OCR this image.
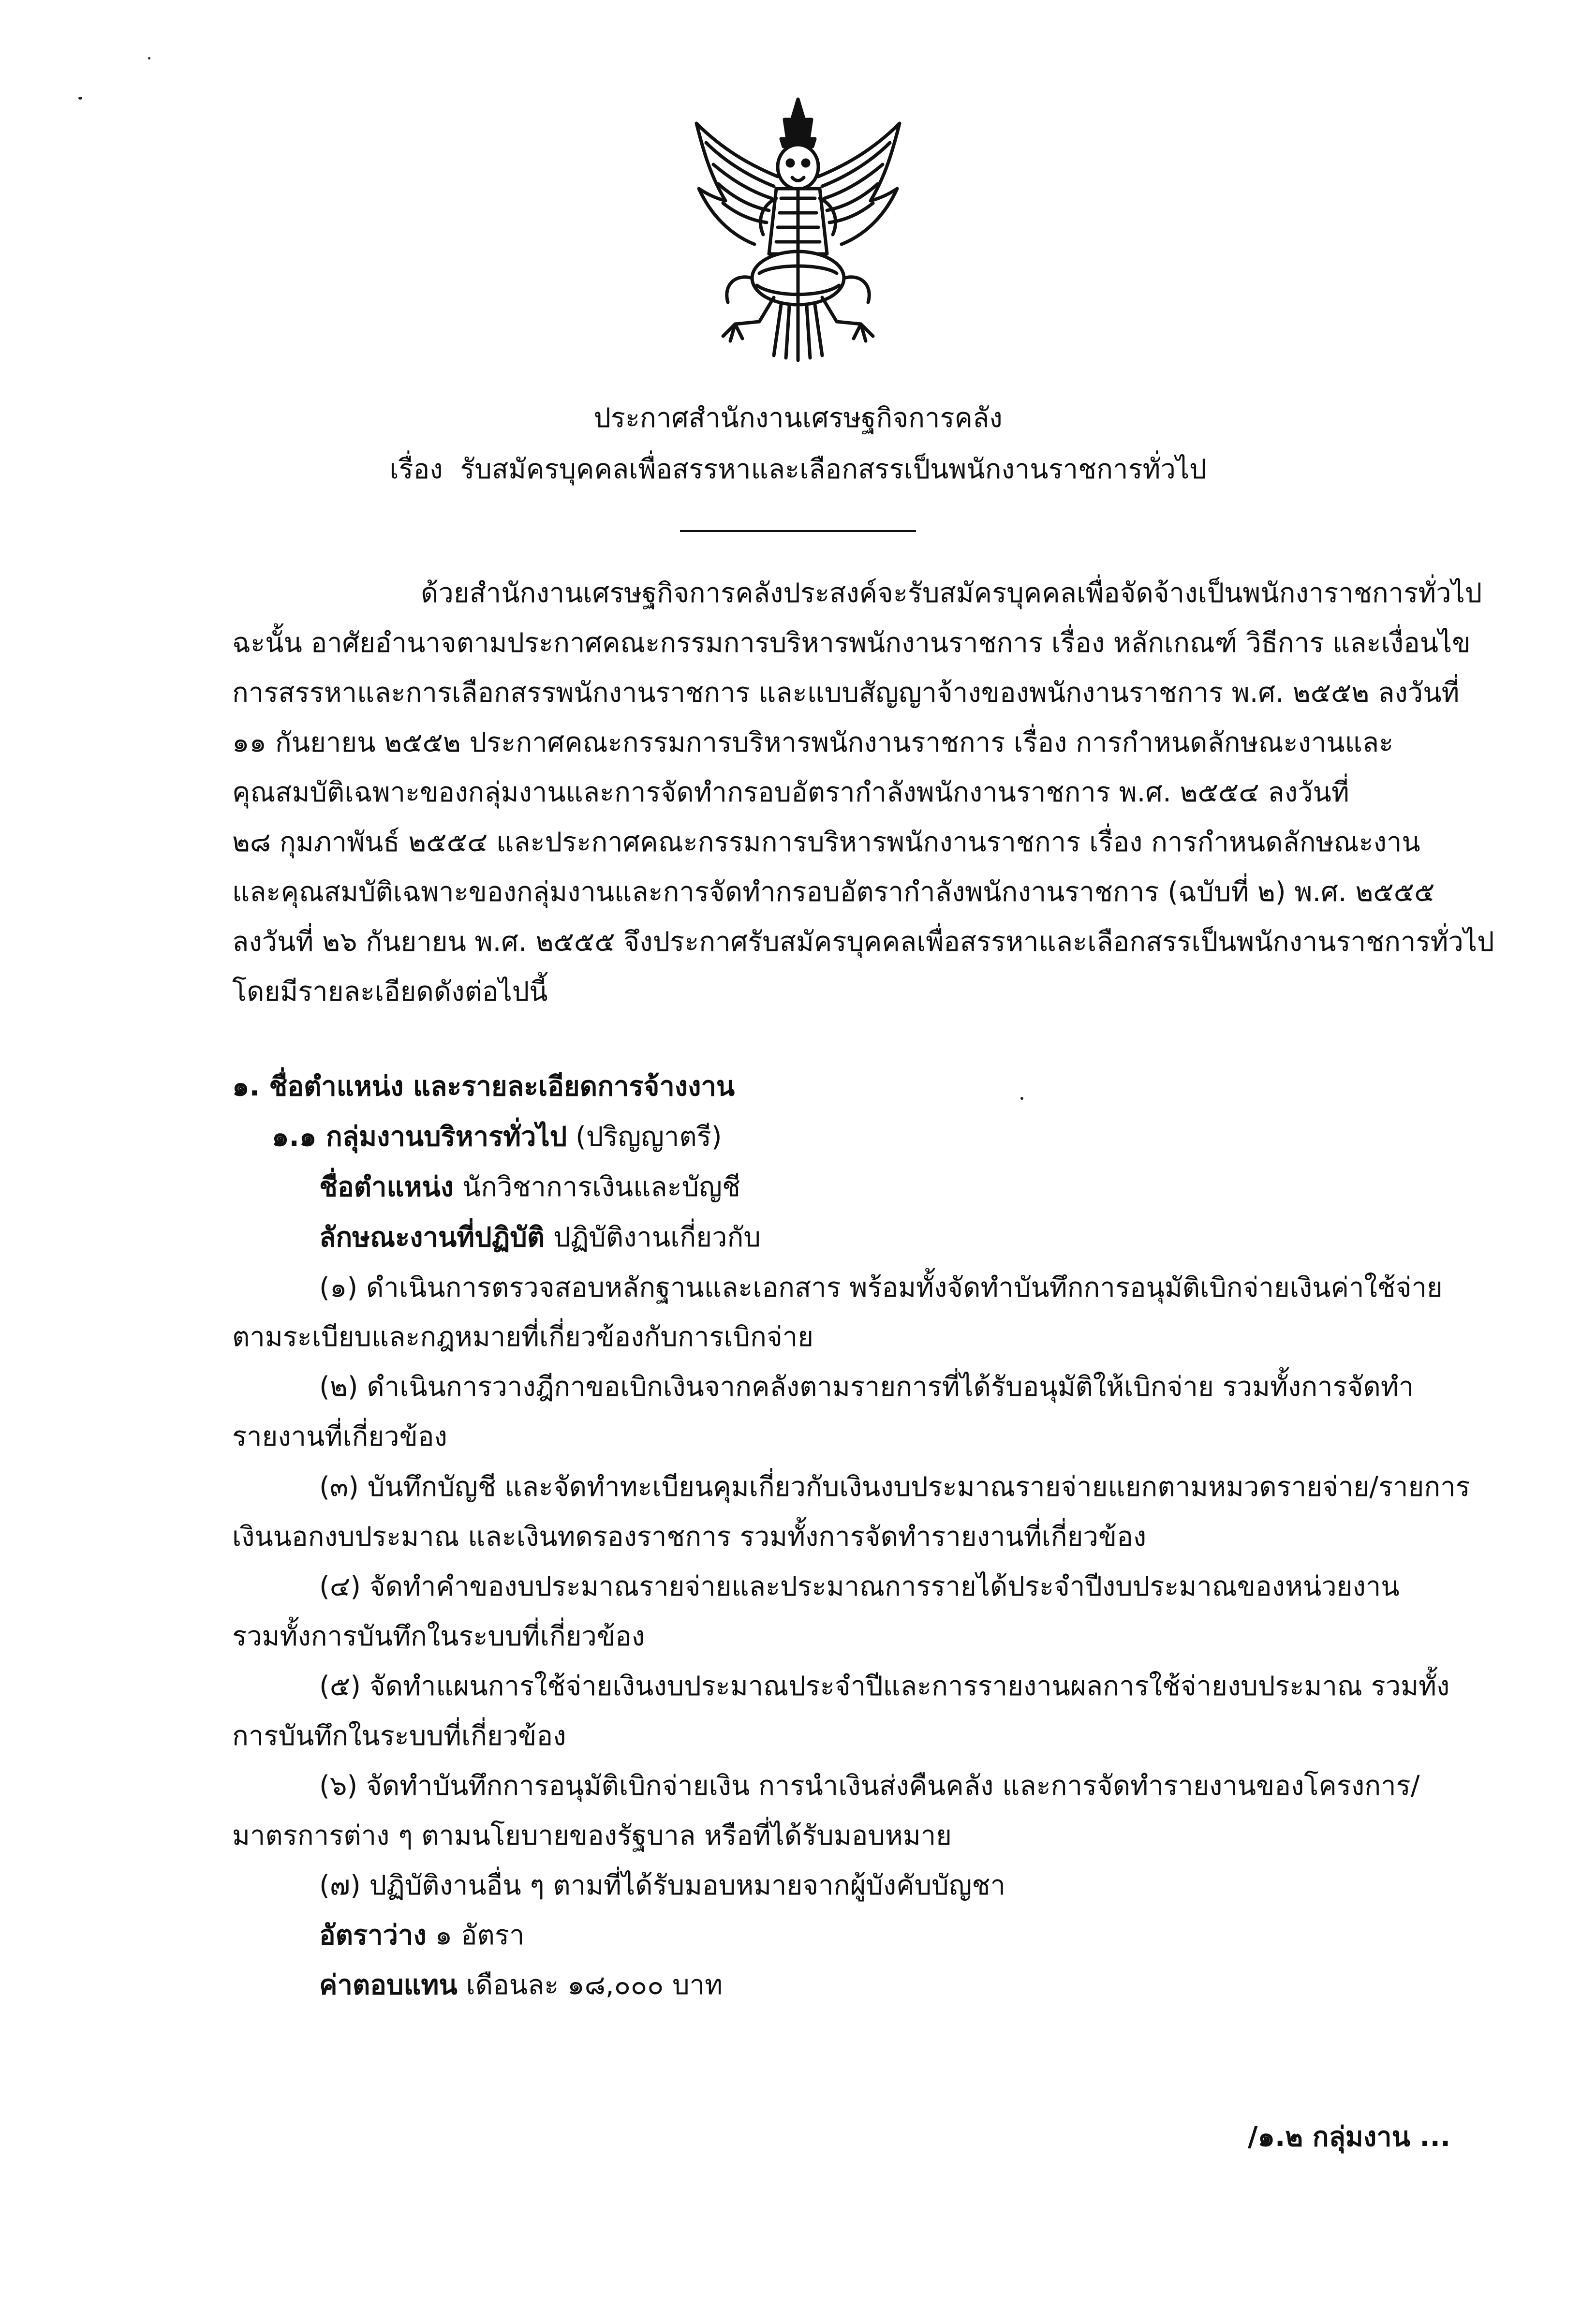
ประกาศสำนักงานเศรษฐกิจการคลัง
เรื่อง รับสมัครบุคคลเพื่อสรรหาและเลือกสรรเป็นพนักงานราชการทั่วไป
ด้วยสำนักงานเศรษฐกิจการคลังประสงค์จะรับสมัครบุคคลเพื่อจัดจ้างเป็นพนักงาราชการทั่วไป
ฉะนั้น อาศัยอำนาจตามประกาศคณะกรรมการบริหารพนักงานราชการ เรื่อง หลักเกณฑ์ วิธีการ และเงื่อนไข
การสรรหาและการเลือกสรรพนักงานราชการ และแบบสัญญาจ้างของพนักงานราชการ พ.ศ. ๒๕๕๒ ลงวันที่
๑๑ กันยายน ๒๕๕๒ ประกาศคณะกรรมการบริหารพนักงานราชการ เรื่อง การกำหนดลักษณะงานและ
คุณสมบัติเฉพาะของกลุ่มงานและการจัดทำกรอบอัตรากำลังพนักงานราชการ พ.ศ. ๒๕๕๔ ลงวันที่
๒๘ กุมภาพันธ์ ๒๕๕๔ และประกาศคณะกรรมการบริหารพนักงานราชการ เรื่อง การกำหนดลักษณะงาน
และคุณสมบัติเฉพาะของกลุ่มงานและการจัดทำกรอบอัตรากำลังพนักงานราชการ (ฉบับที่ ๒) พ.ศ. ๒๕๕๕
ลงวันที่ ๒๖ กันยายน พ.ศ. ๒๕๕๕ จึงประกาศรับสมัครบุคคลเพื่อสรรหาและเลือกสรรเป็นพนักงานราชการทั่วไป
โดยมีรายละเอียดดังต่อไปนี้
๑. ชื่อตำแหน่ง และรายละเอียดการจ้างงาน
๑.๑ กลุ่มงานบริหารทั่วไป (ปริญญาตรี)
ชื่อตำแหน่ง นักวิชาการเงินและบัญชี
ลักษณะงานที่ปฏิบัติ ปฏิบัติงานเกี่ยวกับ
(๑) ดำเนินการตรวจสอบหลักฐานและเอกสาร พร้อมทั้งจัดทำบันทึกการอนุมัติเบิกจ่ายเงินค่าใช้จ่าย
ตามระเบียบและกฎหมายที่เกี่ยวข้องกับการเบิกจ่าย
(๒) ดำเนินการวางฎีกาขอเบิกเงินจากคลังตามรายการที่ได้รับอนุมัติให้เบิกจ่าย รวมทั้งการจัดทำ
รายงานที่เกี่ยวข้อง
(๓) บันทึกบัญชี และจัดทำทะเบียนคุมเกี่ยวกับเงินงบประมาณรายจ่ายแยกตามหมวดรายจ่าย/รายการ
เงินนอกงบประมาณ และเงินทดรองราชการ รวมทั้งการจัดทำรายงานที่เกี่ยวข้อง
(๔) จัดทำคำของบประมาณรายจ่ายและประมาณการรายได้ประจำปีงบประมาณของหน่วยงาน
รวมทั้งการบันทึกในระบบที่เกี่ยวข้อง
(๕) จัดทำแผนการใช้จ่ายเงินงบประมาณประจำปีและการรายงานผลการใช้จ่ายงบประมาณ รวมทั้ง
การบันทึกในระบบที่เกี่ยวข้อง
(๖) จัดทำบันทึกการอนุมัติเบิกจ่ายเงิน การนำเงินส่งคืนคลัง และการจัดทำรายงานของโครงการ/
มาตรการต่าง ๆ ตามนโยบายของรัฐบาล หรือที่ได้รับมอบหมาย
(๗) ปฏิบัติงานอื่น ๆ ตามที่ได้รับมอบหมายจากผู้บังคับบัญชา
อัตราว่าง ๑ อัตรา
ค่าตอบแทน เดือนละ ๑๘,๐๐๐ บาท
/๑.๒ กลุ่มงาน ...
